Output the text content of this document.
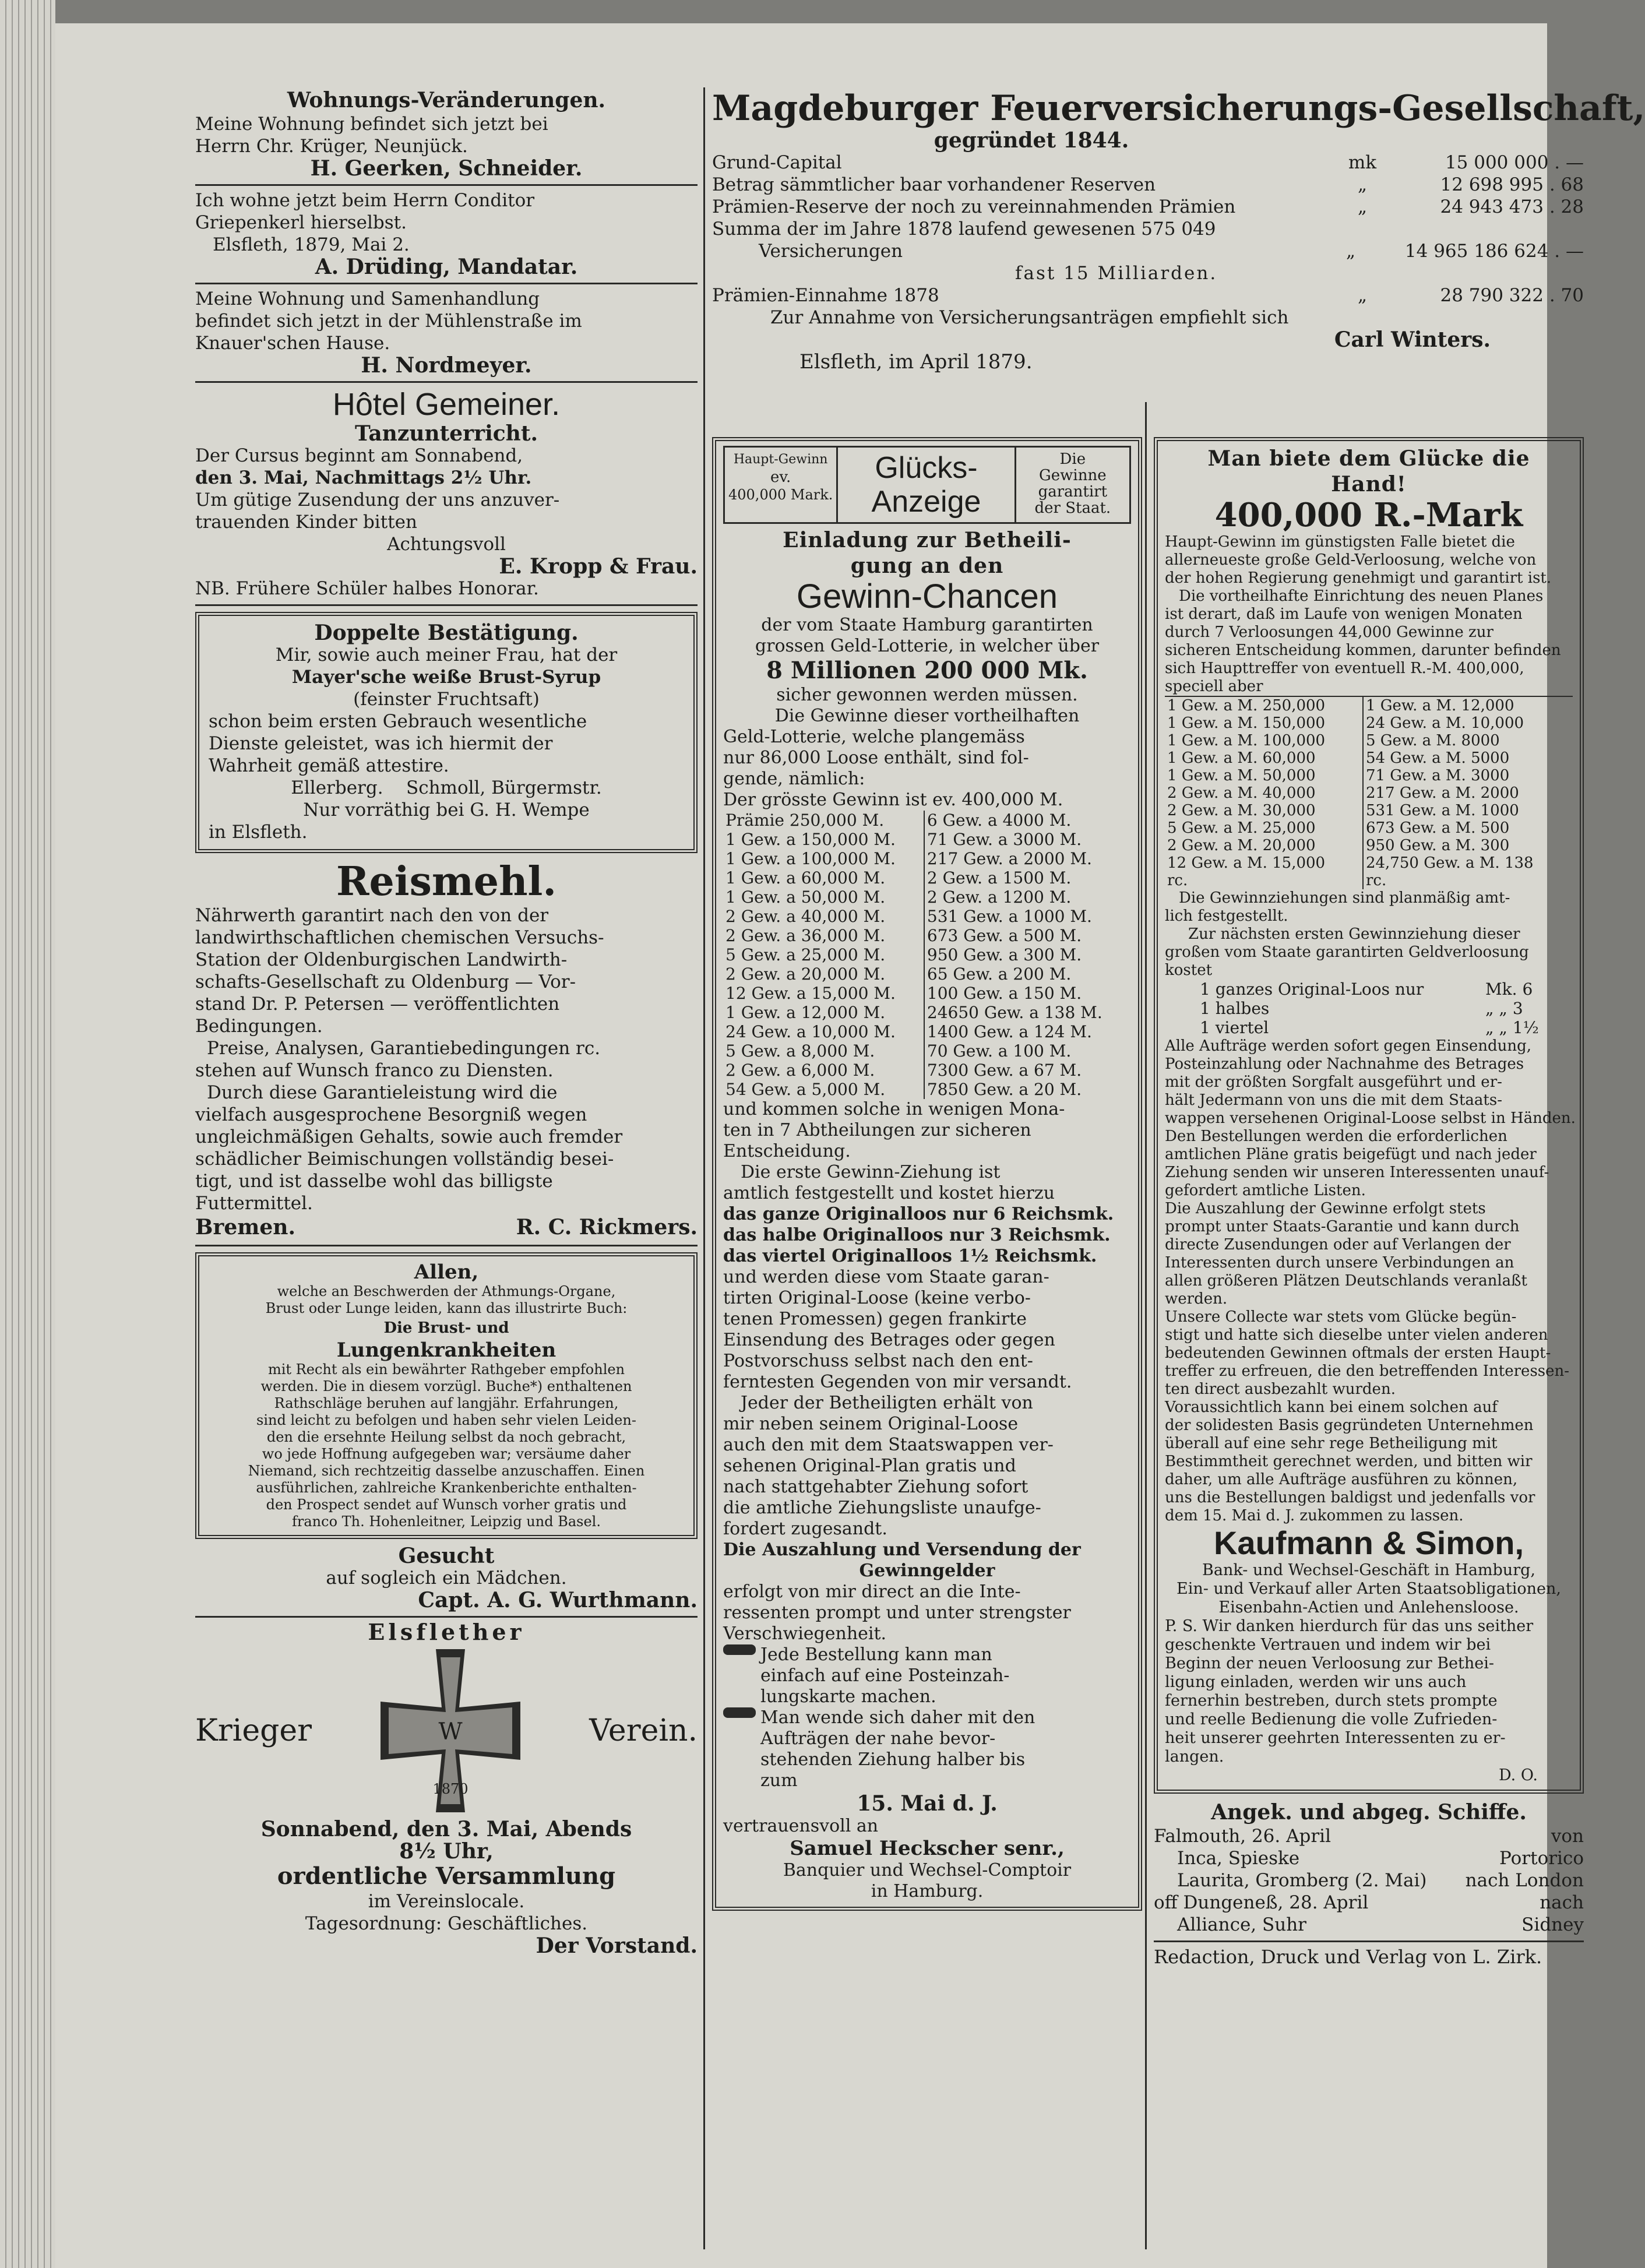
Wohnungs-Veränderungen.
Meine Wohnung befindet sich jetzt bei
Herrn Chr. Krüger, Neunjück.
H. Geerken, Schneider.
Ich wohne jetzt beim Herrn Conditor
Griepenkerl hierselbst.
Elsfleth, 1879, Mai 2.
A. Drüding, Mandatar.
Meine Wohnung und Samenhandlung
befindet sich jetzt in der Mühlenstraße im
Knauer'schen Hause.
H. Nordmeyer.
Hôtel Gemeiner.
Tanzunterricht.
Der Cursus beginnt am Sonnabend,
den 3. Mai, Nachmittags 2½ Uhr.
Um gütige Zusendung der uns anzuver-
trauenden Kinder bitten
Achtungsvoll
E. Kropp & Frau.
NB. Frühere Schüler halbes Honorar.
Doppelte Bestätigung.
Mir, sowie auch meiner Frau, hat der
Mayer'sche weiße Brust-Syrup
(feinster Fruchtsaft)
schon beim ersten Gebrauch wesentliche
Dienste geleistet, was ich hiermit der
Wahrheit gemäß attestire.
Ellerberg.    Schmoll, Bürgermstr.
Nur vorräthig bei G. H. Wempe
in Elsfleth.
Reismehl.
Nährwerth garantirt nach den von der
landwirthschaftlichen chemischen Versuchs-
Station der Oldenburgischen Landwirth-
schafts-Gesellschaft zu Oldenburg — Vor-
stand Dr. P. Petersen — veröffentlichten
Bedingungen.
Preise, Analysen, Garantiebedingungen rc.
stehen auf Wunsch franco zu Diensten.
Durch diese Garantieleistung wird die
vielfach ausgesprochene Besorgniß wegen
ungleichmäßigen Gehalts, sowie auch fremder
schädlicher Beimischungen vollständig besei-
tigt, und ist dasselbe wohl das billigste
Futtermittel.
Bremen.	R. C. Rickmers.
Allen,
welche an Beschwerden der Athmungs-Organe,
Brust oder Lunge leiden, kann das illustrirte Buch:
Die Brust- und
Lungenkrankheiten
mit Recht als ein bewährter Rathgeber empfohlen
werden. Die in diesem vorzügl. Buche*) enthaltenen
Rathschläge beruhen auf langjähr. Erfahrungen,
sind leicht zu befolgen und haben sehr vielen Leiden-
den die ersehnte Heilung selbst da noch gebracht,
wo jede Hoffnung aufgegeben war; versäume daher
Niemand, sich rechtzeitig dasselbe anzuschaffen. Einen
ausführlichen, zahlreiche Krankenberichte enthalten-
den Prospect sendet auf Wunsch vorher gratis und
franco Th. Hohenleitner, Leipzig und Basel.
Gesucht
auf sogleich ein Mädchen.
Capt. A. G. Wurthmann.
Elsflether
Krieger	W
1870
Verein.
Sonnabend, den 3. Mai, Abends
8½ Uhr,
ordentliche Versammlung
im Vereinslocale.
Tagesordnung: Geschäftliches.
Der Vorstand.
Magdeburger Feuerversicherungs-Gesellschaft,
gegründet 1844.
Grund-Capital	mk	15 000 000 . —
Betrag sämmtlicher baar vorhandener Reserven	„	12 698 995 . 68
Prämien-Reserve der noch zu vereinnahmenden Prämien	„	24 943 473 . 28
Summa der im Jahre 1878 laufend gewesenen 575 049
Versicherungen	„	14 965 186 624 . —
fast 15 Milliarden.
Prämien-Einnahme 1878	„	28 790 322 . 70
Zur Annahme von Versicherungsanträgen empfiehlt sich
Carl Winters.
Elsfleth, im April 1879.
Haupt-Gewinn
ev.
400,000 Mark.
Glücks-
Anzeige
Die
Gewinne
garantirt
der Staat.
Einladung zur Betheili-
gung an den
Gewinn-Chancen
der vom Staate Hamburg garantirten
grossen Geld-Lotterie, in welcher über
8 Millionen 200 000 Mk.
sicher gewonnen werden müssen.
Die Gewinne dieser vortheilhaften
Geld-Lotterie, welche plangemäss
nur 86,000 Loose enthält, sind fol-
gende, nämlich:
Der grösste Gewinn ist ev. 400,000 M.
Prämie 250,000 M.	6 Gew. a 4000 M.
1 Gew. a 150,000 M.	71 Gew. a 3000 M.
1 Gew. a 100,000 M.	217 Gew. a 2000 M.
1 Gew. a 60,000 M.	2 Gew. a 1500 M.
1 Gew. a 50,000 M.	2 Gew. a 1200 M.
2 Gew. a 40,000 M.	531 Gew. a 1000 M.
2 Gew. a 36,000 M.	673 Gew. a 500 M.
5 Gew. a 25,000 M.	950 Gew. a 300 M.
2 Gew. a 20,000 M.	65 Gew. a 200 M.
12 Gew. a 15,000 M.	100 Gew. a 150 M.
1 Gew. a 12,000 M.	24650 Gew. a 138 M.
24 Gew. a 10,000 M.	1400 Gew. a 124 M.
5 Gew. a 8,000 M.	70 Gew. a 100 M.
2 Gew. a 6,000 M.	7300 Gew. a 67 M.
54 Gew. a 5,000 M.	7850 Gew. a 20 M.
und kommen solche in wenigen Mona-
ten in 7 Abtheilungen zur sicheren
Entscheidung.
Die erste Gewinn-Ziehung ist
amtlich festgestellt und kostet hierzu
das ganze Originalloos nur 6 Reichsmk.
das halbe Originalloos nur 3 Reichsmk.
das viertel Originalloos 1½ Reichsmk.
und werden diese vom Staate garan-
tirten Original-Loose (keine verbo-
tenen Promessen) gegen frankirte
Einsendung des Betrages oder gegen
Postvorschuss selbst nach den ent-
ferntesten Gegenden von mir versandt.
Jeder der Betheiligten erhält von
mir neben seinem Original-Loose
auch den mit dem Staatswappen ver-
sehenen Original-Plan gratis und
nach stattgehabter Ziehung sofort
die amtliche Ziehungsliste unaufge-
fordert zugesandt.
Die Auszahlung und Versendung der
Gewinngelder
erfolgt von mir direct an die Inte-
ressenten prompt und unter strengster
Verschwiegenheit.
Jede Bestellung kann man
einfach auf eine Posteinzah-
lungskarte machen.
Man wende sich daher mit den
Aufträgen der nahe bevor-
stehenden Ziehung halber bis
zum
15. Mai d. J.
vertrauensvoll an
Samuel Heckscher senr.,
Banquier und Wechsel-Comptoir
in Hamburg.
Man biete dem Glücke die
Hand!
400,000 R.-Mark
Haupt-Gewinn im günstigsten Falle bietet die
allerneueste große Geld-Verloosung, welche von
der hohen Regierung genehmigt und garantirt ist.
Die vortheilhafte Einrichtung des neuen Planes
ist derart, daß im Laufe von wenigen Monaten
durch 7 Verloosungen 44,000 Gewinne zur
sicheren Entscheidung kommen, darunter befinden
sich Haupttreffer von eventuell R.-M. 400,000,
speciell aber
1 Gew. a M. 250,000	1 Gew. a M. 12,000
1 Gew. a M. 150,000	24 Gew. a M. 10,000
1 Gew. a M. 100,000	5 Gew. a M. 8000
1 Gew. a M. 60,000	54 Gew. a M. 5000
1 Gew. a M. 50,000	71 Gew. a M. 3000
2 Gew. a M. 40,000	217 Gew. a M. 2000
2 Gew. a M. 30,000	531 Gew. a M. 1000
5 Gew. a M. 25,000	673 Gew. a M. 500
2 Gew. a M. 20,000	950 Gew. a M. 300
12 Gew. a M. 15,000	24,750 Gew. a M. 138
rc.	rc.
Die Gewinnziehungen sind planmäßig amt-
lich festgestellt.
Zur nächsten ersten Gewinnziehung dieser
großen vom Staate garantirten Geldverloosung
kostet
1 ganzes Original-Loos nur	Mk. 6
1 halbes	„ „ 3
1 viertel	„ „ 1½
Alle Aufträge werden sofort gegen Einsendung,
Posteinzahlung oder Nachnahme des Betrages
mit der größten Sorgfalt ausgeführt und er-
hält Jedermann von uns die mit dem Staats-
wappen versehenen Original-Loose selbst in Händen.
Den Bestellungen werden die erforderlichen
amtlichen Pläne gratis beigefügt und nach jeder
Ziehung senden wir unseren Interessenten unauf-
gefordert amtliche Listen.
Die Auszahlung der Gewinne erfolgt stets
prompt unter Staats-Garantie und kann durch
directe Zusendungen oder auf Verlangen der
Interessenten durch unsere Verbindungen an
allen größeren Plätzen Deutschlands veranlaßt
werden.
Unsere Collecte war stets vom Glücke begün-
stigt und hatte sich dieselbe unter vielen anderen
bedeutenden Gewinnen oftmals der ersten Haupt-
treffer zu erfreuen, die den betreffenden Interessen-
ten direct ausbezahlt wurden.
Voraussichtlich kann bei einem solchen auf
der solidesten Basis gegründeten Unternehmen
überall auf eine sehr rege Betheiligung mit
Bestimmtheit gerechnet werden, und bitten wir
daher, um alle Aufträge ausführen zu können,
uns die Bestellungen baldigst und jedenfalls vor
dem 15. Mai d. J. zukommen zu lassen.
Kaufmann & Simon,
Bank- und Wechsel-Geschäft in Hamburg,
Ein- und Verkauf aller Arten Staatsobligationen,
Eisenbahn-Actien und Anlehensloose.
P. S. Wir danken hierdurch für das uns seither
geschenkte Vertrauen und indem wir bei
Beginn der neuen Verloosung zur Bethei-
ligung einladen, werden wir uns auch
fernerhin bestreben, durch stets prompte
und reelle Bedienung die volle Zufrieden-
heit unserer geehrten Interessenten zu er-
langen.
D. O.
Angek. und abgeg. Schiffe.
Falmouth, 26. April	von
Inca, Spieske	Portorico
Laurita, Gromberg (2. Mai) nach London
off Dungeneß, 28. April	nach
Alliance, Suhr	Sidney
Redaction, Druck und Verlag von L. Zirk.
